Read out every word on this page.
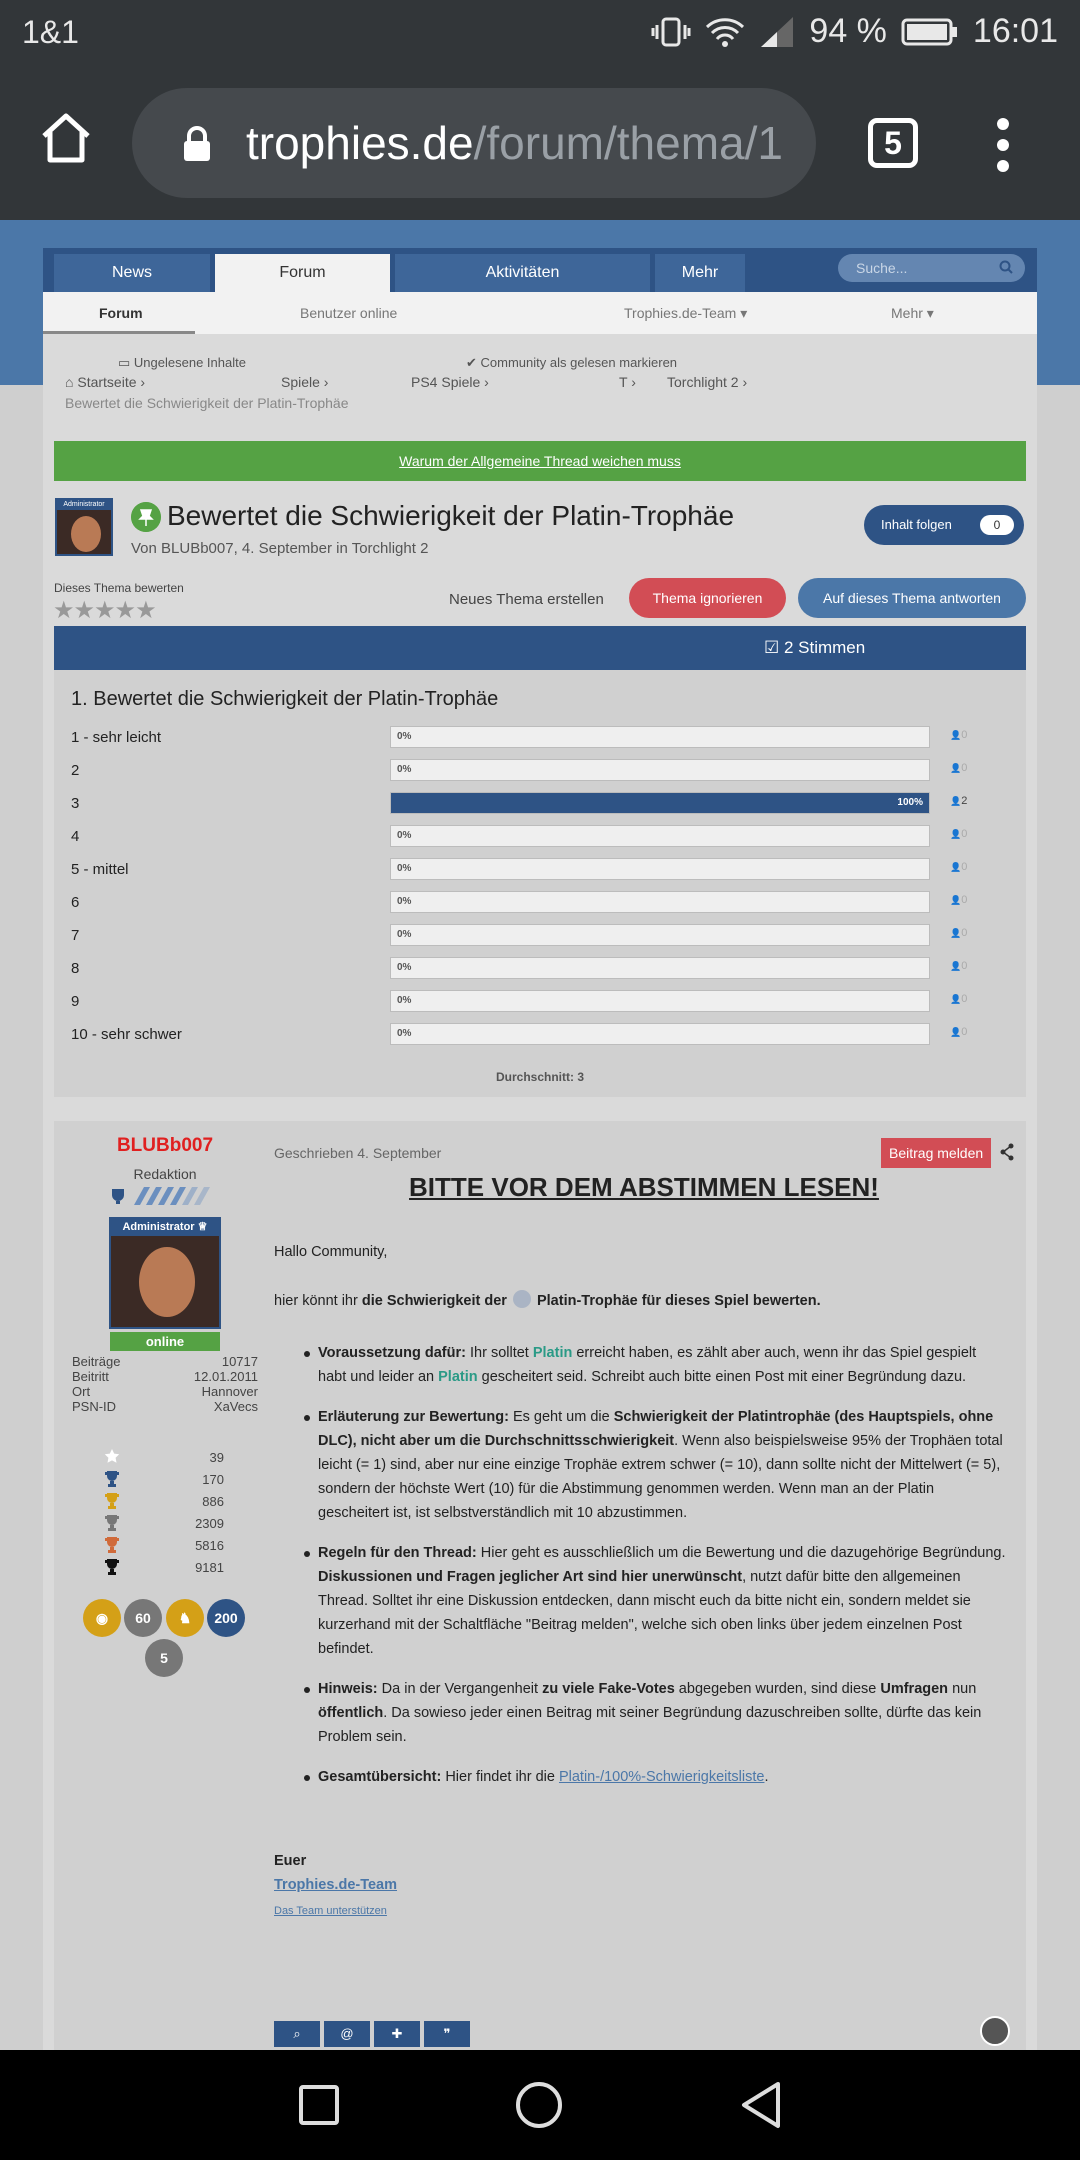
1&1	94 %	16:01
trophies.de/forum/thema/1	5
News	Forum	Aktivitäten	Mehr	Suche...
Forum	Benutzer online	Trophies.de-Team ▾	Mehr ▾
▭ Ungelesene Inhalte	✔ Community als gelesen markieren
⌂ Startseite ›	Spiele ›	PS4 Spiele ›	T › Torchlight 2 ›
Bewertet die Schwierigkeit der Platin-Trophäe
Warum der Allgemeine Thread weichen muss
Administrator Bewertet die Schwierigkeit der Platin-Trophäe
Von BLUBb007, 4. September in Torchlight 2
Inhalt folgen	0
Dieses Thema bewerten
★★★★★	Neues Thema erstellen	Thema ignorieren	Auf dieses Thema antworten
☑ 2 Stimmen
1. Bewertet die Schwierigkeit der Platin-Trophäe
1 - sehr leicht	0%	👤0
2	0%	👤0
3	100%	👤2
4	0%	👤0
5 - mittel	0%	👤0
6	0%	👤0
7	0%	👤0
8	0%	👤0
9	0%	👤0
10 - sehr schwer	0%	👤0
Durchschnitt: 3
BLUBb007
Redaktion
Administrator ♕
online
Beiträge	10717
Beitritt	12.01.2011
Ort	Hannover
PSN-ID	XaVecs
39
170
886
2309
5816
9181
◉	60	♞	200
5
Geschrieben 4. September	Beitrag melden
BITTE VOR DEM ABSTIMMEN LESEN!
Hallo Community,
hier könnt ihr die Schwierigkeit der Platin-Trophäe für dieses Spiel bewerten.
Voraussetzung dafür: Ihr solltet Platin erreicht haben, es zählt aber auch, wenn ihr das Spiel gespielt habt und leider an Platin gescheitert seid. Schreibt auch bitte einen Post mit einer Begründung dazu.
Erläuterung zur Bewertung: Es geht um die Schwierigkeit der Platintrophäe (des Hauptspiels, ohne DLC), nicht aber um die Durchschnittsschwierigkeit. Wenn also beispielsweise 95% der Trophäen total leicht (= 1) sind, aber nur eine einzige Trophäe extrem schwer (= 10), dann sollte nicht der Mittelwert (= 5), sondern der höchste Wert (10) für die Abstimmung genommen werden. Wenn man an der Platin gescheitert ist, ist selbstverständlich mit 10 abzustimmen.
Regeln für den Thread: Hier geht es ausschließlich um die Bewertung und die dazugehörige Begründung. Diskussionen und Fragen jeglicher Art sind hier unerwünscht, nutzt dafür bitte den allgemeinen Thread. Solltet ihr eine Diskussion entdecken, dann mischt euch da bitte nicht ein, sondern meldet sie kurzerhand mit der Schaltfläche "Beitrag melden", welche sich oben links über jedem einzelnen Post befindet.
Hinweis: Da in der Vergangenheit zu viele Fake-Votes abgegeben wurden, sind diese Umfragen nun öffentlich. Da sowieso jeder einen Beitrag mit seiner Begründung dazuschreiben sollte, dürfte das kein Problem sein.
Gesamtübersicht: Hier findet ihr die Platin-/100%-Schwierigkeitsliste.
Euer
Trophies.de-Team
Das Team unterstützen
⌕	@	✚	❞
